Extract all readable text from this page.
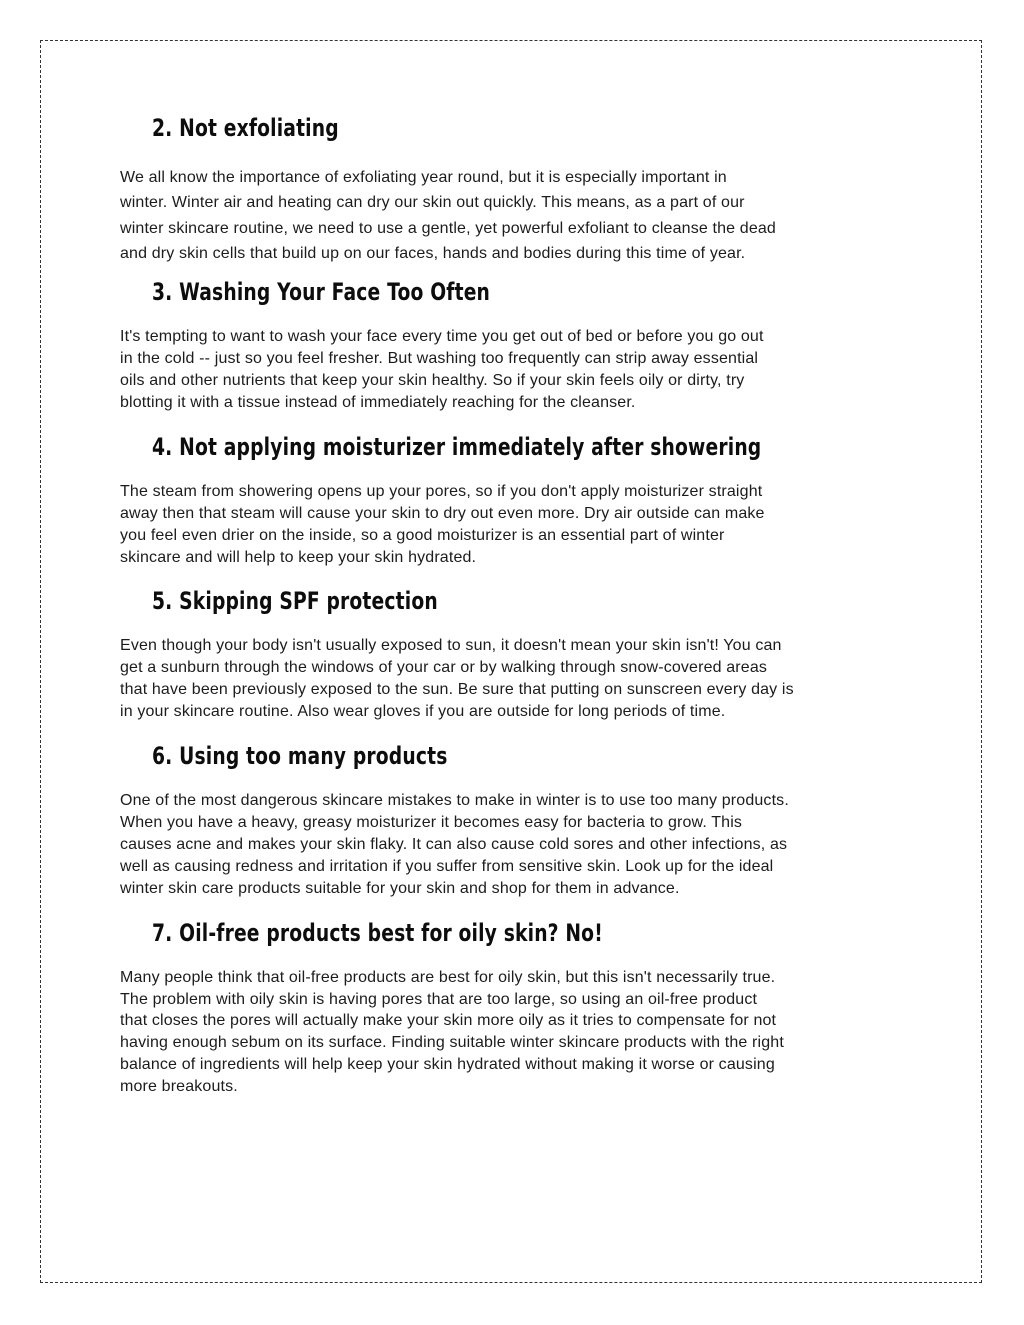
2. Not exfoliating

We all know the importance of exfoliating year round, but it is especially important in
winter. Winter air and heating can dry our skin out quickly. This means, as a part of our
winter skincare routine, we need to use a gentle, yet powerful exfoliant to cleanse the dead
and dry skin cells that build up on our faces, hands and bodies during this time of year.

3. Washing Your Face Too Often

It's tempting to want to wash your face every time you get out of bed or before you go out
in the cold -- just so you feel fresher. But washing too frequently can strip away essential
oils and other nutrients that keep your skin healthy. So if your skin feels oily or dirty, try
blotting it with a tissue instead of immediately reaching for the cleanser.

4. Not applying moisturizer immediately after showering

The steam from showering opens up your pores, so if you don't apply moisturizer straight
away then that steam will cause your skin to dry out even more. Dry air outside can make
you feel even drier on the inside, so a good moisturizer is an essential part of winter
skincare and will help to keep your skin hydrated.

5. Skipping SPF protection

Even though your body isn't usually exposed to sun, it doesn't mean your skin isn't! You can
get a sunburn through the windows of your car or by walking through snow-covered areas
that have been previously exposed to the sun. Be sure that putting on sunscreen every day is
in your skincare routine. Also wear gloves if you are outside for long periods of time.

6. Using too many products

One of the most dangerous skincare mistakes to make in winter is to use too many products.
When you have a heavy, greasy moisturizer it becomes easy for bacteria to grow. This
causes acne and makes your skin flaky. It can also cause cold sores and other infections, as
well as causing redness and irritation if you suffer from sensitive skin. Look up for the ideal
winter skin care products suitable for your skin and shop for them in advance.

7. Oil-free products best for oily skin? No!

Many people think that oil-free products are best for oily skin, but this isn't necessarily true.
The problem with oily skin is having pores that are too large, so using an oil-free product
that closes the pores will actually make your skin more oily as it tries to compensate for not
having enough sebum on its surface. Finding suitable winter skincare products with the right
balance of ingredients will help keep your skin hydrated without making it worse or causing
more breakouts.
